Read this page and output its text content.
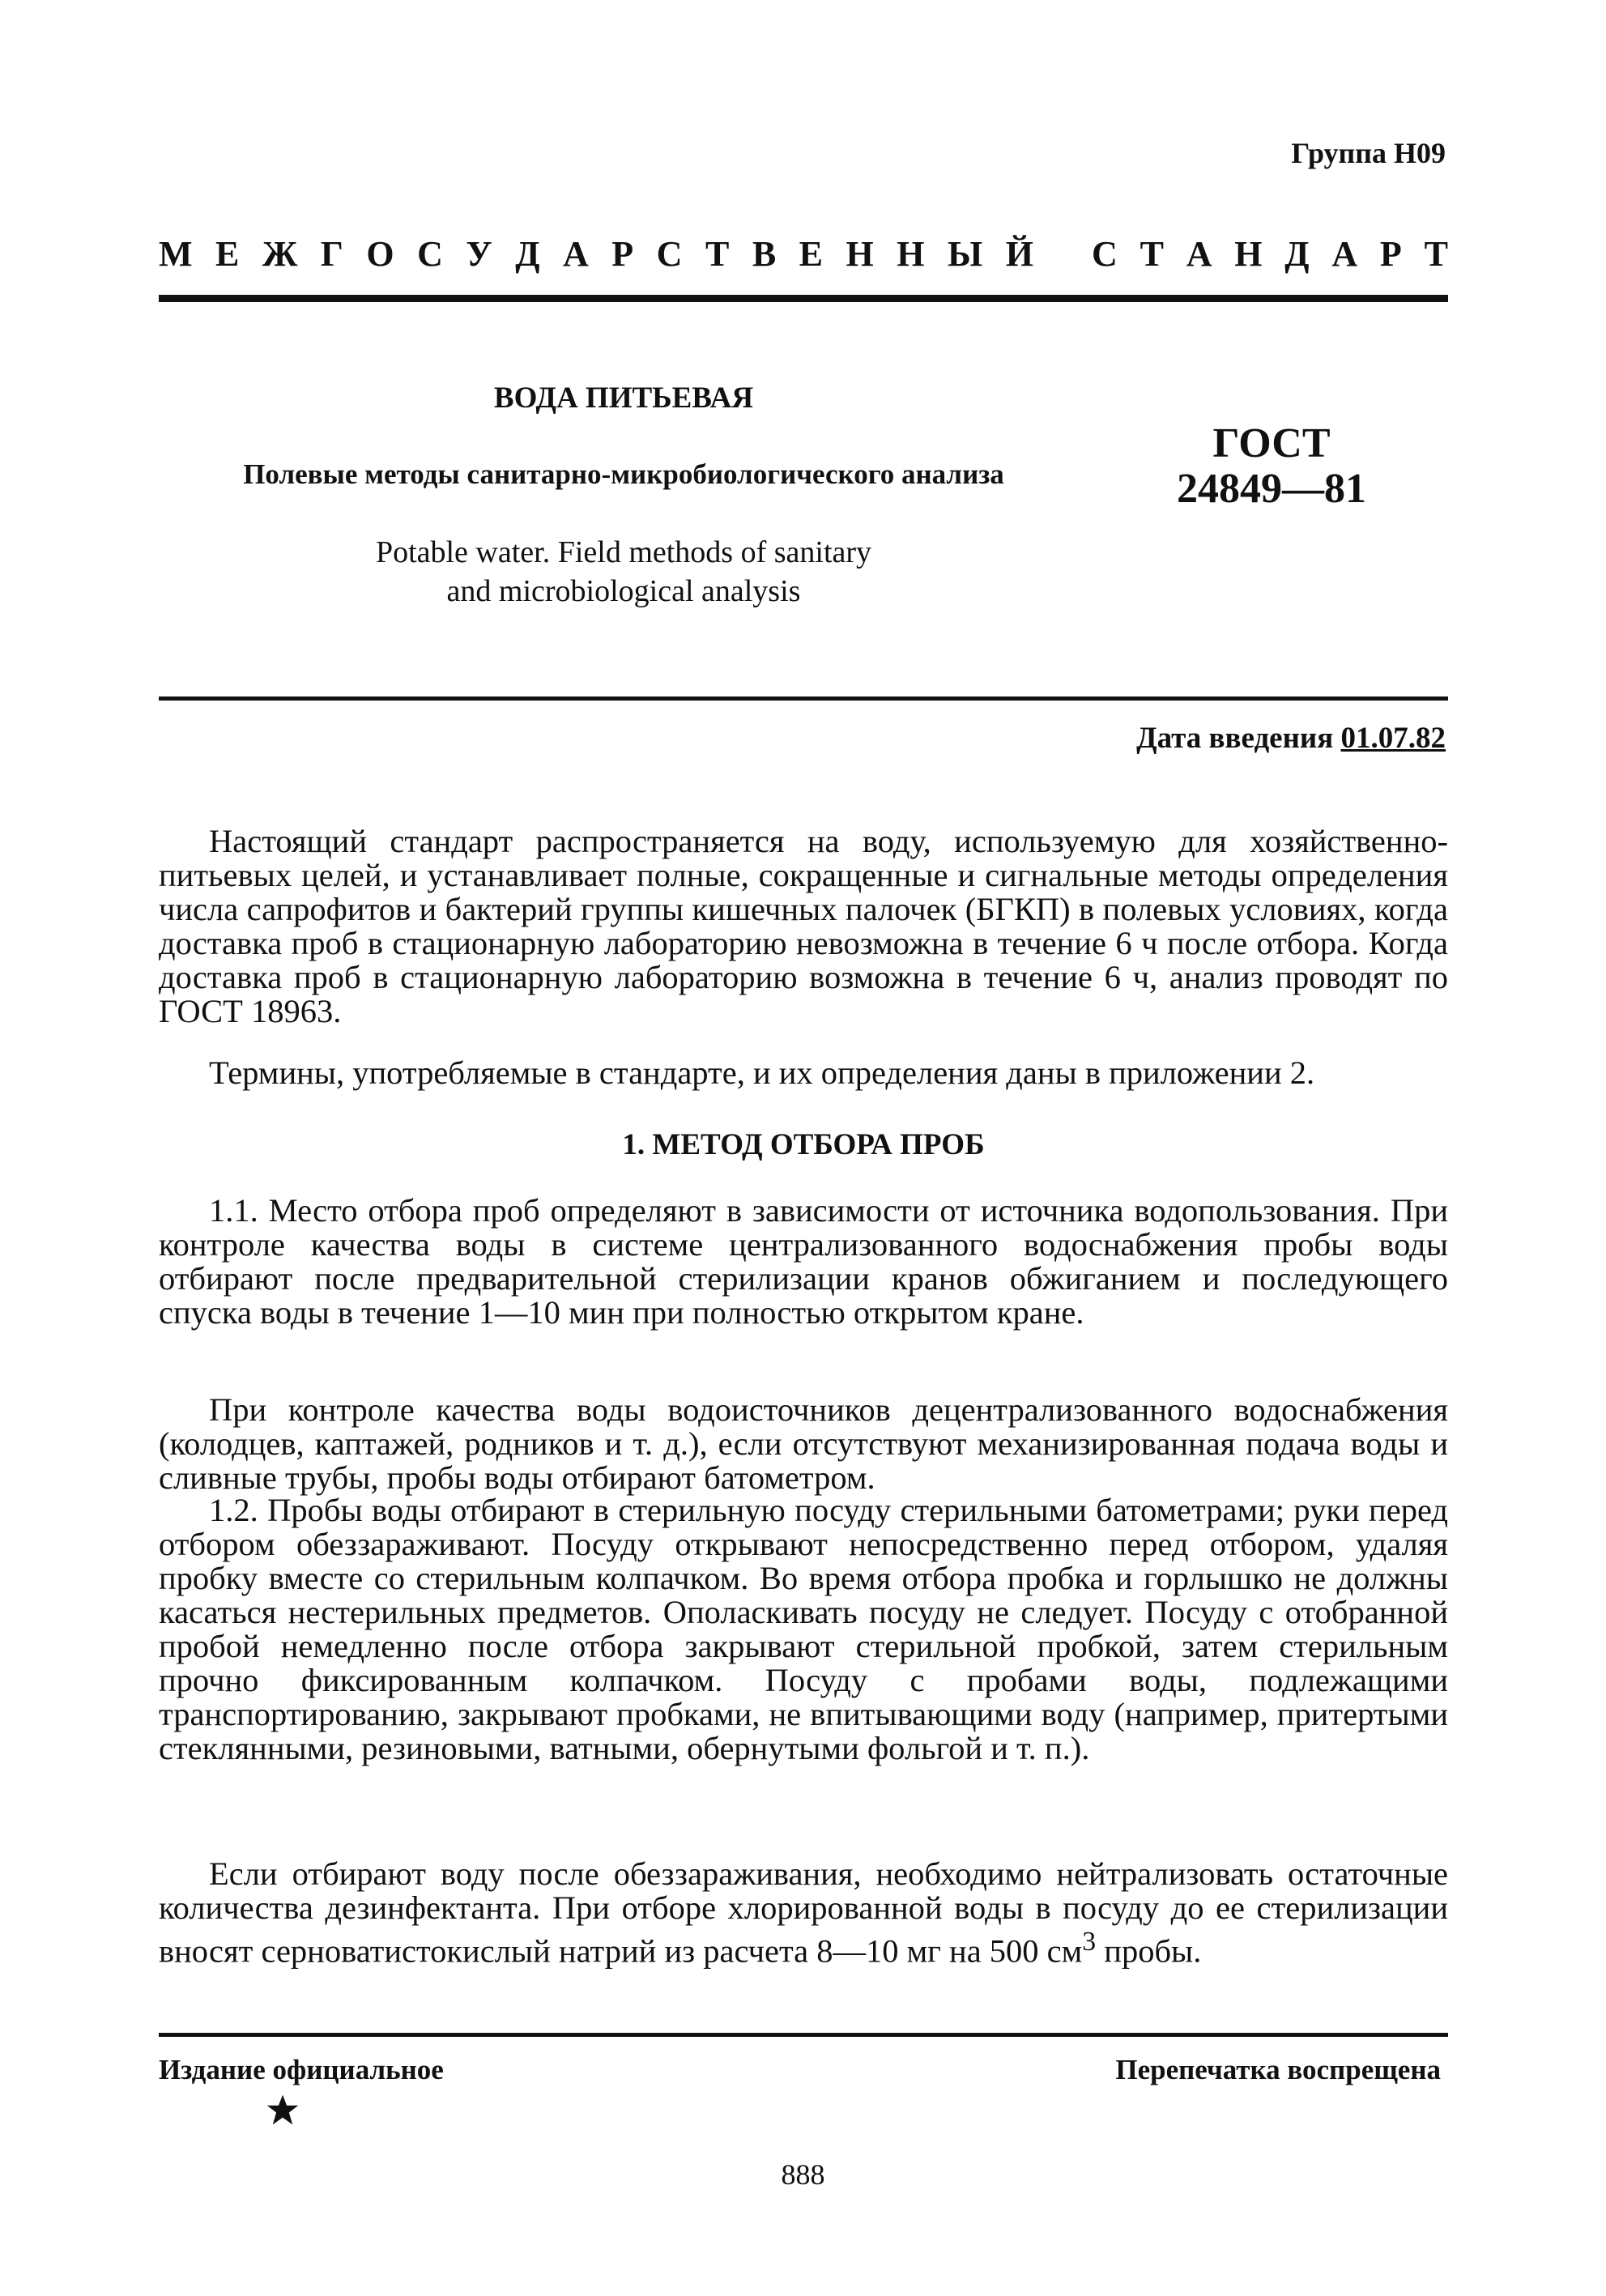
Группа Н09
М Е Ж Г О С У Д А Р С Т В Е Н Н Ы Й С Т А Н Д А Р Т
ВОДА ПИТЬЕВАЯ
Полевые методы санитарно-микробиологического анализа
Potable water. Field methods of sanitary
and microbiological analysis
ГОСТ
24849—81
Дата введения 01.07.82

Настоящий стандарт распространяется на воду, используемую для хозяйственно-питьевых целей, и устанавливает полные, сокращенные и сигнальные методы определения числа сапрофитов и бактерий группы кишечных палочек (БГКП) в полевых условиях, когда доставка проб в стационарную лабораторию невозможна в течение 6 ч после отбора. Когда доставка проб в стационарную лабораторию возможна в течение 6 ч, анализ проводят по ГОСТ 18963.

Термины, употребляемые в стандарте, и их определения даны в приложении 2.

1. МЕТОД ОТБОРА ПРОБ

1.1. Место отбора проб определяют в зависимости от источника водопользования. При контроле качества воды в системе централизованного водоснабжения пробы воды отбирают после предварительной стерилизации кранов обжиганием и последующего спуска воды в течение 1—10 мин при полностью открытом кране.

При контроле качества воды водоисточников децентрализованного водоснабжения (колодцев, каптажей, родников и т. д.), если отсутствуют механизированная подача воды и сливные трубы, пробы воды отбирают батометром.

1.2. Пробы воды отбирают в стерильную посуду стерильными батометрами; руки перед отбором обеззараживают. Посуду открывают непосредственно перед отбором, удаляя пробку вместе со стерильным колпачком. Во время отбора пробка и горлышко не должны касаться нестерильных предметов. Ополаскивать посуду не следует. Посуду с отобранной пробой немедленно после отбора закрывают стерильной пробкой, затем стерильным прочно фиксированным колпачком. Посуду с пробами воды, подлежащими транспортированию, закрывают пробками, не впитывающими воду (например, притертыми стеклянными, резиновыми, ватными, обернутыми фольгой и т. п.).

Если отбирают воду после обеззараживания, необходимо нейтрализовать остаточные количества дезинфектанта. При отборе хлорированной воды в посуду до ее стерилизации вносят серноватистокислый натрий из расчета 8—10 мг на 500 $см^3$ пробы.

Издание официальное	Перепечатка воспрещена
888
